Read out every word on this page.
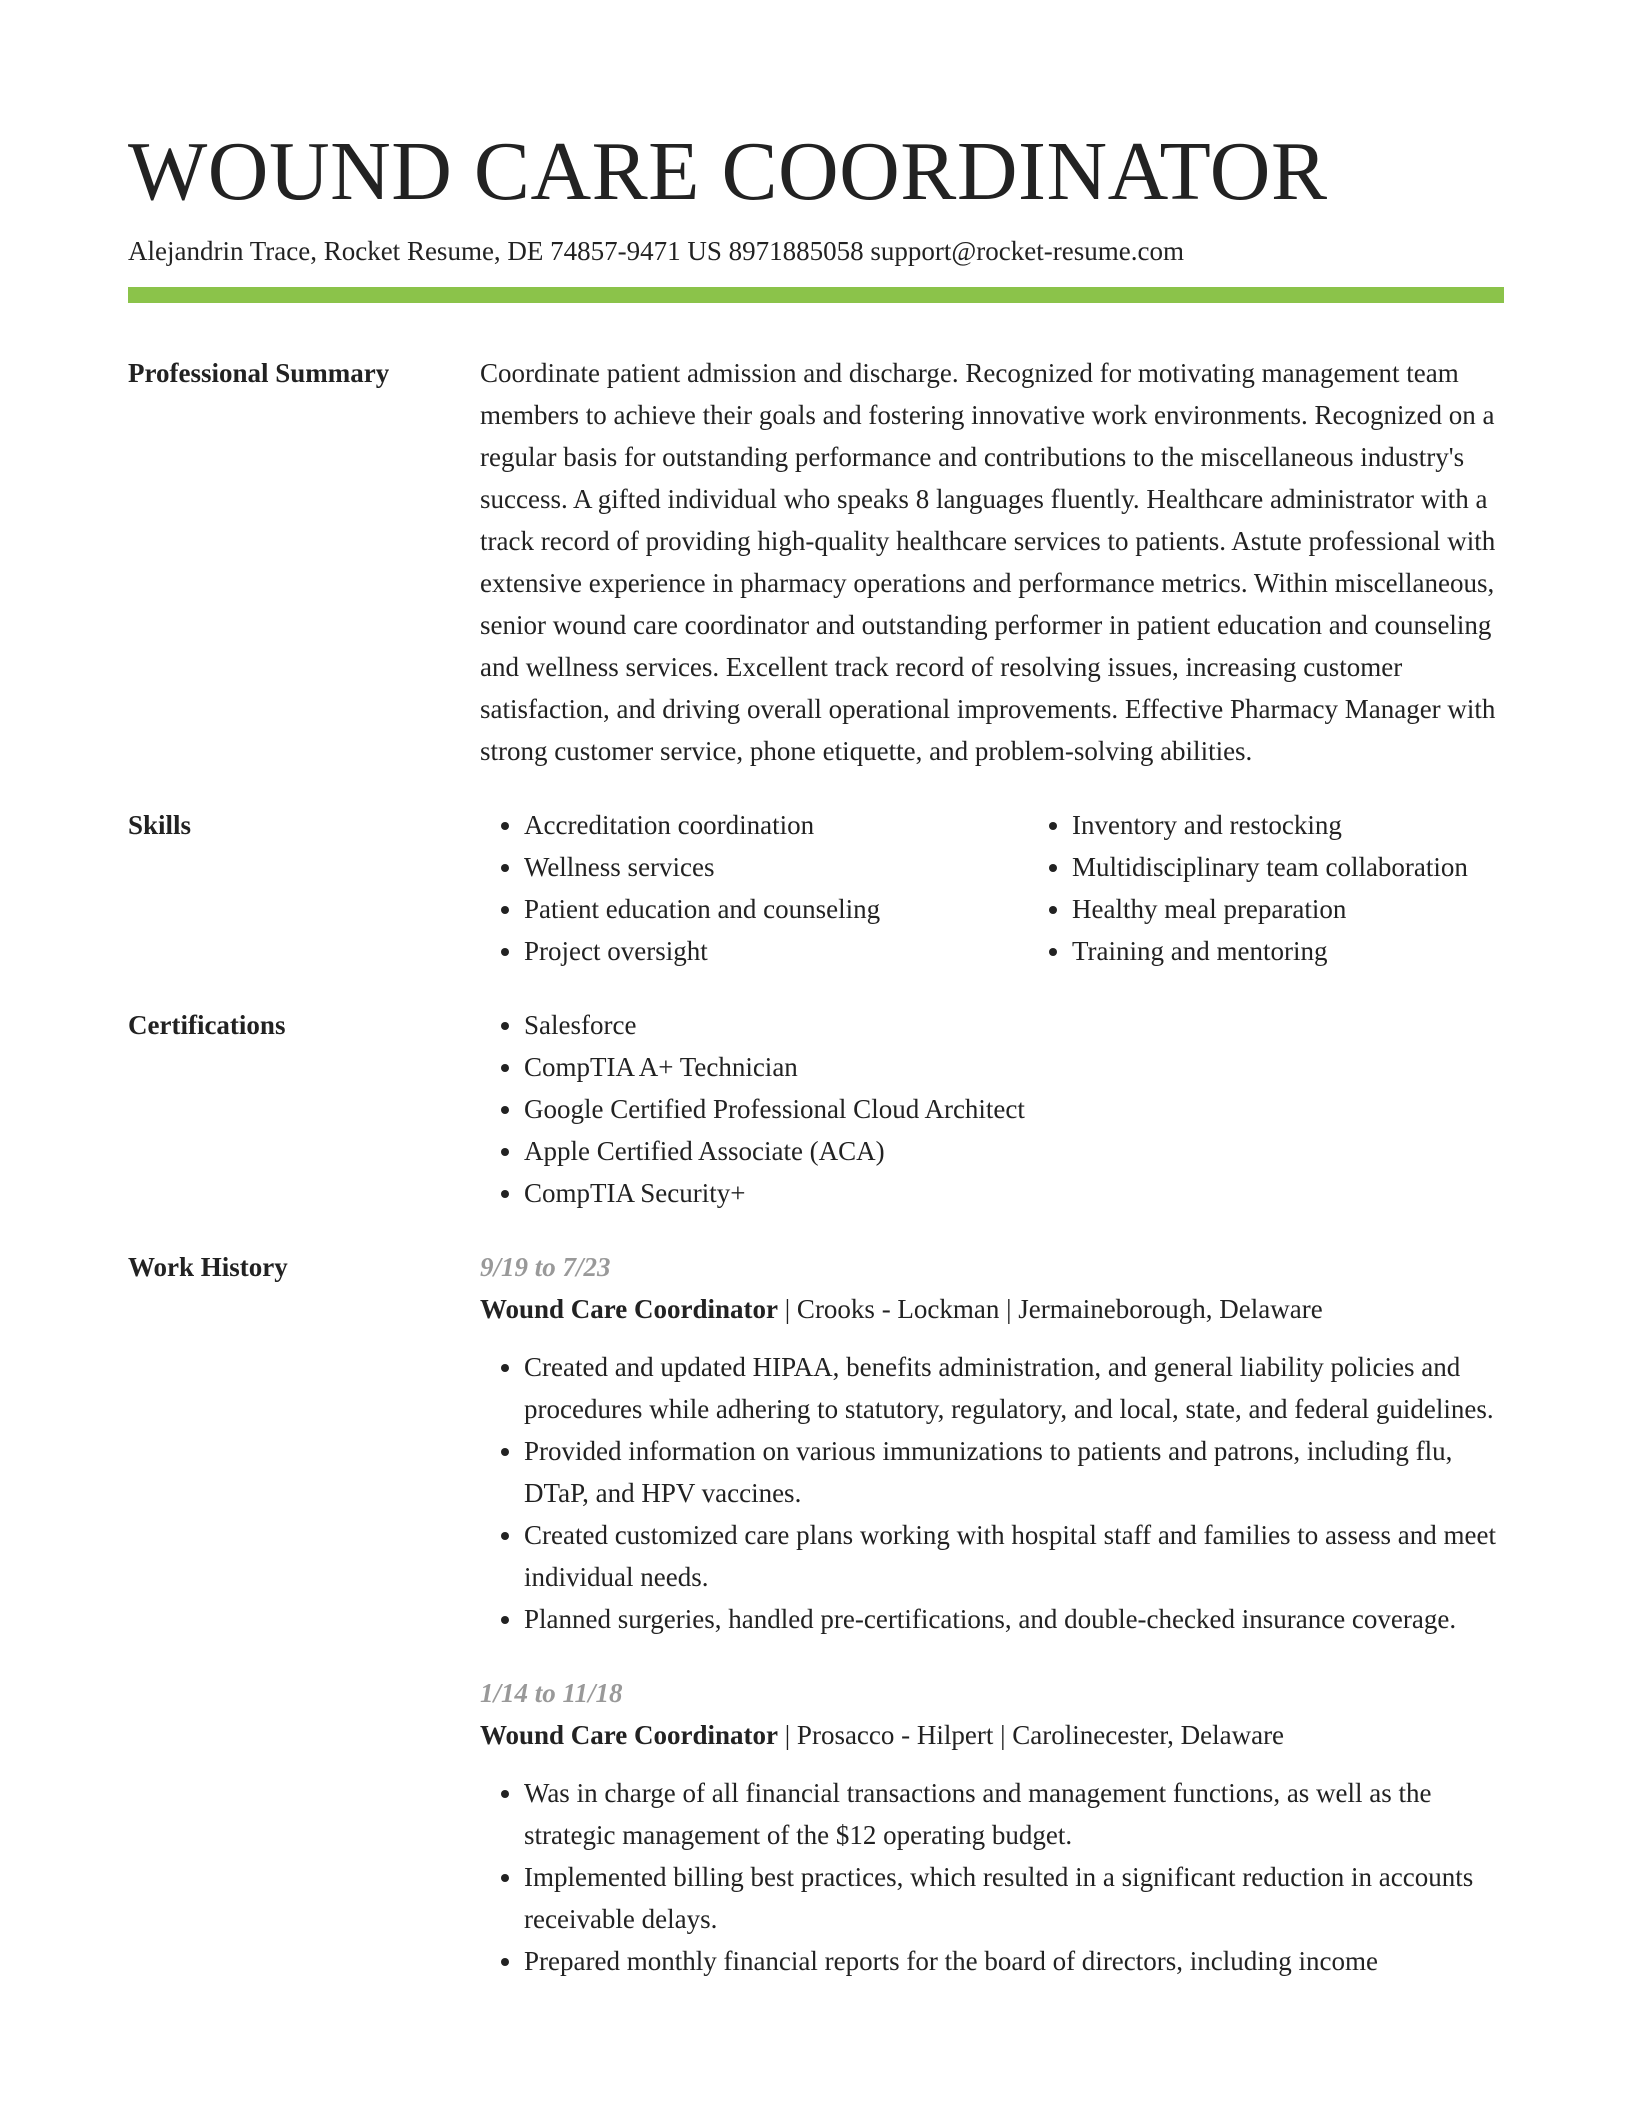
WOUND CARE COORDINATOR
Alejandrin Trace, Rocket Resume, DE 74857-9471 US 8971885058 support@rocket-resume.com
Professional Summary	Coordinate patient admission and discharge. Recognized for motivating management team members to achieve their goals and fostering innovative work environments. Recognized on a regular basis for outstanding performance and contributions to the miscellaneous industry's success. A gifted individual who speaks 8 languages fluently. Healthcare administrator with a track record of providing high-quality healthcare services to patients. Astute professional with extensive experience in pharmacy operations and performance metrics. Within miscellaneous, senior wound care coordinator and outstanding performer in patient education and counseling and wellness services. Excellent track record of resolving issues, increasing customer satisfaction, and driving overall operational improvements. Effective Pharmacy Manager with strong customer service, phone etiquette, and problem-solving abilities.
Skills	• Accreditation coordination
• Wellness services
• Patient education and counseling
• Project oversight
• Inventory and restocking
• Multidisciplinary team collaboration
• Healthy meal preparation
• Training and mentoring
Certifications	• Salesforce
• CompTIA A+ Technician
• Google Certified Professional Cloud Architect
• Apple Certified Associate (ACA)
• CompTIA Security+
Work History	9/19 to 7/23
Wound Care Coordinator | Crooks - Lockman | Jermaineborough, Delaware
• Created and updated HIPAA, benefits administration, and general liability policies and procedures while adhering to statutory, regulatory, and local, state, and federal guidelines.
• Provided information on various immunizations to patients and patrons, including flu, DTaP, and HPV vaccines.
• Created customized care plans working with hospital staff and families to assess and meet individual needs.
• Planned surgeries, handled pre-certifications, and double-checked insurance coverage.
1/14 to 11/18
Wound Care Coordinator | Prosacco - Hilpert | Carolinecester, Delaware
• Was in charge of all financial transactions and management functions, as well as the strategic management of the $12 operating budget.
• Implemented billing best practices, which resulted in a significant reduction in accounts receivable delays.
• Prepared monthly financial reports for the board of directors, including income
